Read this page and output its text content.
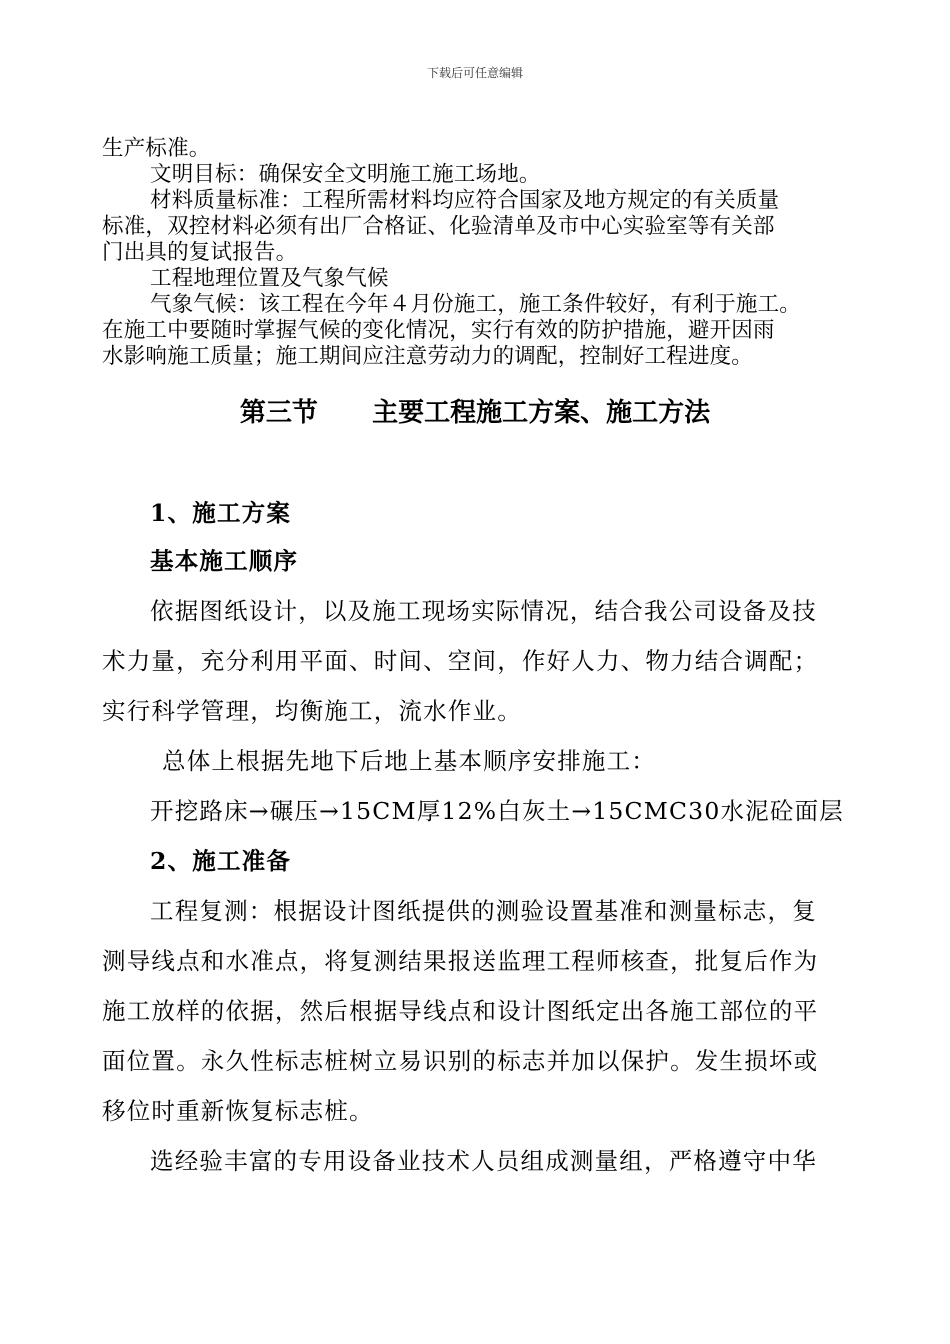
下载后可任意编辑

生产标准。

文明目标：确保安全文明施工施工场地。

材料质量标准：工程所需材料均应符合国家及地方规定的有关质量

标准，双控材料必须有出厂合格证、化验清单及市中心实验室等有关部

门出具的复试报告。

工程地理位置及气象气候

气象气候：该工程在今年４月份施工，施工条件较好，有利于施工。

在施工中要随时掌握气候的变化情况，实行有效的防护措施，避开因雨

水影响施工质量；施工期间应注意劳动力的调配，控制好工程进度。

第三节      主要工程施工方案、施工方法

1、施工方案

基本施工顺序

依据图纸设计，以及施工现场实际情况，结合我公司设备及技

术力量，充分利用平面、时间、空间，作好人力、物力结合调配；

实行科学管理，均衡施工，流水作业。

总体上根据先地下后地上基本顺序安排施工：

开挖路床→碾压→15CM厚12%白灰土→15CMC30水泥砼面层

2、施工准备

工程复测：根据设计图纸提供的测验设置基准和测量标志，复

测导线点和水准点，将复测结果报送监理工程师核查，批复后作为

施工放样的依据，然后根据导线点和设计图纸定出各施工部位的平

面位置。永久性标志桩树立易识别的标志并加以保护。发生损坏或

移位时重新恢复标志桩。

选经验丰富的专用设备业技术人员组成测量组，严格遵守中华
